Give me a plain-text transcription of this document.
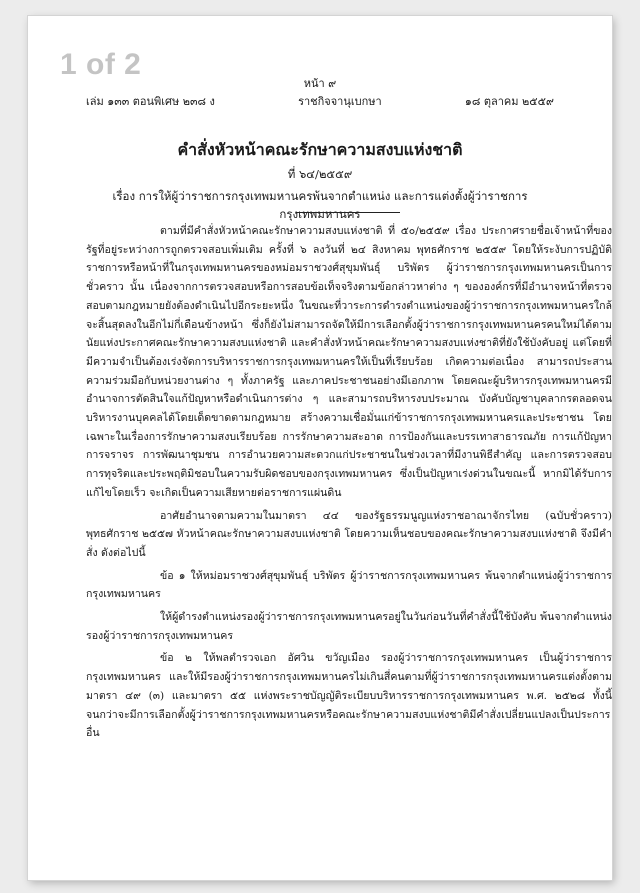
1 of 2
หน้า ๙
เล่ม ๑๓๓ ตอนพิเศษ ๒๓๘ ง	ราชกิจจานุเบกษา	๑๘ ตุลาคม ๒๕๕๙
คำสั่งหัวหน้าคณะรักษาความสงบแห่งชาติ
ที่ ๖๔/๒๕๕๙
เรื่อง การให้ผู้ว่าราชการกรุงเทพมหานครพ้นจากตำแหน่ง และการแต่งตั้งผู้ว่าราชการกรุงเทพมหานคร

ตามที่มีคำสั่งหัวหน้าคณะรักษาความสงบแห่งชาติ ที่ ๕๐/๒๕๕๙ เรื่อง ประกาศรายชื่อเจ้าหน้าที่ของรัฐที่อยู่ระหว่างการถูกตรวจสอบเพิ่มเติม ครั้งที่ ๖ ลงวันที่ ๒๔ สิงหาคม พุทธศักราช ๒๕๕๙ โดยให้ระงับการปฏิบัติราชการหรือหน้าที่ในกรุงเทพมหานครของหม่อมราชวงศ์สุขุมพันธุ์ บริพัตร ผู้ว่าราชการกรุงเทพมหานครเป็นการชั่วคราว นั้น เนื่องจากการตรวจสอบหรือการสอบข้อเท็จจริงตามข้อกล่าวหาต่าง ๆ ขององค์กรที่มีอำนาจหน้าที่ตรวจสอบตามกฎหมายยังต้องดำเนินไปอีกระยะหนึ่ง ในขณะที่วาระการดำรงตำแหน่งของผู้ว่าราชการกรุงเทพมหานครใกล้จะสิ้นสุดลงในอีกไม่กี่เดือนข้างหน้า ซึ่งก็ยังไม่สามารถจัดให้มีการเลือกตั้งผู้ว่าราชการกรุงเทพมหานครคนใหม่ได้ตามนัยแห่งประกาศคณะรักษาความสงบแห่งชาติ และคำสั่งหัวหน้าคณะรักษาความสงบแห่งชาติที่ยังใช้บังคับอยู่ แต่โดยที่มีความจำเป็นต้องเร่งจัดการบริหารราชการกรุงเทพมหานครให้เป็นที่เรียบร้อย เกิดความต่อเนื่อง สามารถประสานความร่วมมือกับหน่วยงานต่าง ๆ ทั้งภาครัฐ และภาคประชาชนอย่างมีเอกภาพ โดยคณะผู้บริหารกรุงเทพมหานครมีอำนาจการตัดสินใจแก้ปัญหาหรือดำเนินการต่าง ๆ และสามารถบริหารงบประมาณ บังคับบัญชาบุคลากรตลอดจนบริหารงานบุคคลได้โดยเด็ดขาดตามกฎหมาย สร้างความเชื่อมั่นแก่ข้าราชการกรุงเทพมหานครและประชาชน โดยเฉพาะในเรื่องการรักษาความสงบเรียบร้อย การรักษาความสะอาด การป้องกันและบรรเทาสาธารณภัย การแก้ปัญหาการจราจร การพัฒนาชุมชน การอำนวยความสะดวกแก่ประชาชนในช่วงเวลาที่มีงานพิธีสำคัญ และการตรวจสอบการทุจริตและประพฤติมิชอบในความรับผิดชอบของกรุงเทพมหานคร ซึ่งเป็นปัญหาเร่งด่วนในขณะนี้ หากมิได้รับการแก้ไขโดยเร็ว จะเกิดเป็นความเสียหายต่อราชการแผ่นดิน

อาศัยอำนาจตามความในมาตรา ๔๔ ของรัฐธรรมนูญแห่งราชอาณาจักรไทย (ฉบับชั่วคราว) พุทธศักราช ๒๕๕๗ หัวหน้าคณะรักษาความสงบแห่งชาติ โดยความเห็นชอบของคณะรักษาความสงบแห่งชาติ จึงมีคำสั่ง ดังต่อไปนี้

ข้อ ๑ ให้หม่อมราชวงศ์สุขุมพันธุ์ บริพัตร ผู้ว่าราชการกรุงเทพมหานคร พ้นจากตำแหน่งผู้ว่าราชการกรุงเทพมหานคร

ให้ผู้ดำรงตำแหน่งรองผู้ว่าราชการกรุงเทพมหานครอยู่ในวันก่อนวันที่คำสั่งนี้ใช้บังคับ พ้นจากตำแหน่งรองผู้ว่าราชการกรุงเทพมหานคร

ข้อ ๒ ให้พลตำรวจเอก อัศวิน ขวัญเมือง รองผู้ว่าราชการกรุงเทพมหานคร เป็นผู้ว่าราชการกรุงเทพมหานคร และให้มีรองผู้ว่าราชการกรุงเทพมหานครไม่เกินสี่คนตามที่ผู้ว่าราชการกรุงเทพมหานครแต่งตั้งตามมาตรา ๔๙ (๓) และมาตรา ๕๕ แห่งพระราชบัญญัติระเบียบบริหารราชการกรุงเทพมหานคร พ.ศ. ๒๕๒๘ ทั้งนี้ จนกว่าจะมีการเลือกตั้งผู้ว่าราชการกรุงเทพมหานครหรือคณะรักษาความสงบแห่งชาติมีคำสั่งเปลี่ยนแปลงเป็นประการอื่น
